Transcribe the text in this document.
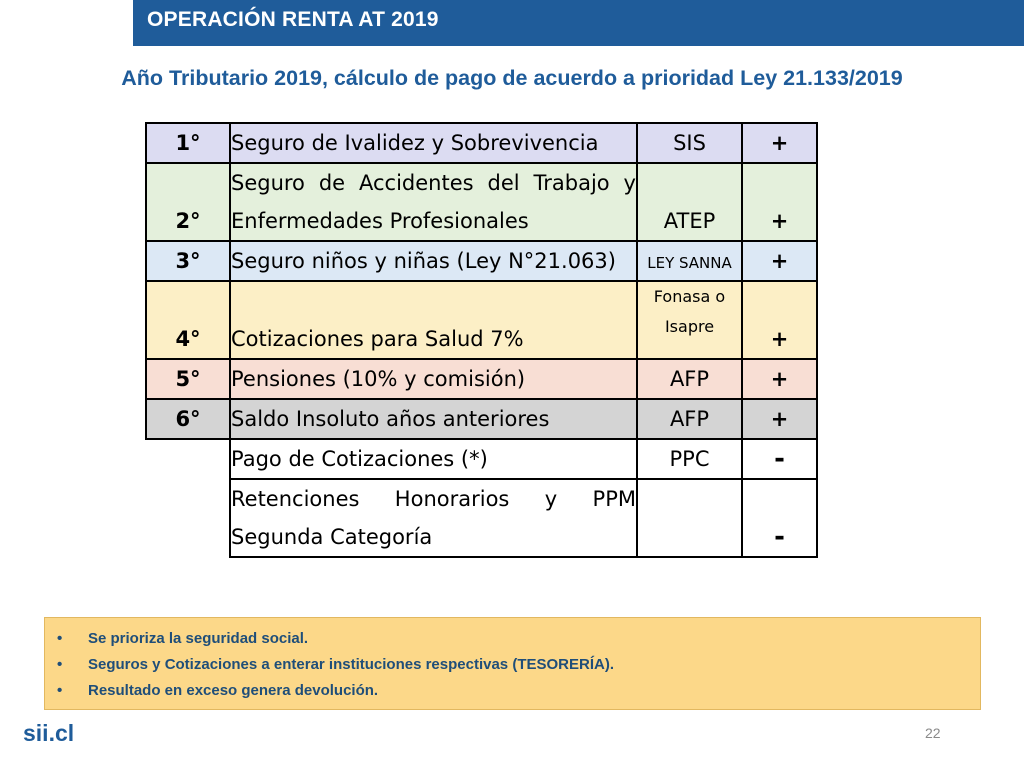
OPERACIÓN RENTA AT 2019
Año Tributario 2019, cálculo de pago de acuerdo a prioridad Ley 21.133/2019
1°	Seguro de Ivalidez y Sobrevivencia	SIS	+
2°	Seguro de Accidentes del Trabajo y Enfermedades Profesionales	ATEP	+
3°	Seguro niños y niñas (Ley N°21.063)	LEY SANNA	+
4°	Cotizaciones para Salud 7%	Fonasa o Isapre	+
5°	Pensiones (10% y comisión)	AFP	+
6°	Saldo Insoluto años anteriores	AFP	+
	Pago de Cotizaciones (*)	PPC	-
	Retenciones Honorarios y PPM Segunda Categoría		-
• Se prioriza la seguridad social.
• Seguros y Cotizaciones a enterar instituciones respectivas (TESORERÍA).
• Resultado en exceso genera devolución.
sii.cl	22
